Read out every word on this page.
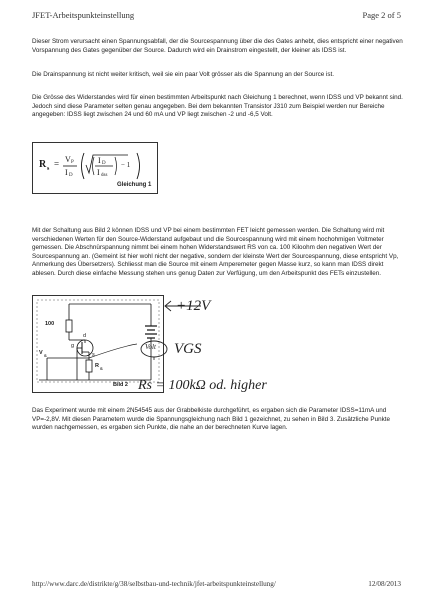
JFET-Arbeitspunkteinstellung	Page 2 of 5

Dieser Strom verursacht einen Spannungsabfall, der die Sourcespannung über die des Gates anhebt, dies entspricht einer negativen Vorspannung des Gates gegenüber der Source. Dadurch wird ein Drainstrom eingestellt, der kleiner als IDSS ist.

Die Drainspannung ist nicht weiter kritisch, weil sie ein paar Volt grösser als die Spannung an der Source ist.

Die Grösse des Widerstandes wird für einen bestimmten Arbeitspunkt nach Gleichung 1 berechnet, wenn IDSS und VP bekannt sind. Jedoch sind diese Parameter selten genau angegeben. Bei dem bekannten Transistor J310 zum Beispiel werden nur Bereiche angegeben: IDSS liegt zwischen 24 und 60 mA und VP liegt zwischen -2 und -6,5 Volt.

R s = V P
I D
I D
I dss
− 1
Gleichung 1

Mit der Schaltung aus Bild 2 können IDSS und VP bei einem bestimmten FET leicht gemessen werden. Die Schaltung wird mit verschiedenen Werten für den Source-Widerstand aufgebaut und die Sourcespannung wird mit einem hochohmigen Voltmeter gemessen. Die Abschnürspannung nimmt bei einem hohen Widerstandswert RS von ca. 100 Kiloohm den negativen Wert der Sourcespannung an. (Gemeint ist hier wohl nicht der negative, sondern der kleinste Wert der Sourcespannung, diese entspricht Vp, Anmerkung des Übersetzers). Schliesst man die Source mit einem Amperemeter gegen Masse kurz, so kann man IDSS direkt ablesen. Durch diese einfache Messung stehen uns genug Daten zur Verfügung, um den Arbeitspunkt des FETs einzustellen.

100
d
g
s
V S
R S
Bild 2
+12V
Volt VGS
Rs = 100kΩ od. higher

Das Experiment wurde mit einem 2N54545 aus der Grabbelkiste durchgeführt, es ergaben sich die Parameter IDSS=11mA und VP=-2,8V. Mit diesen Parametern wurde die Spannungsgleichung nach Bild 1 gezeichnet, zu sehen in Bild 3. Zusätzliche Punkte wurden nachgemessen, es ergaben sich Punkte, die nahe an der berechneten Kurve lagen.

http://www.darc.de/distrikte/g/38/selbstbau-und-technik/jfet-arbeitspunkteinstellung/	12/08/2013
